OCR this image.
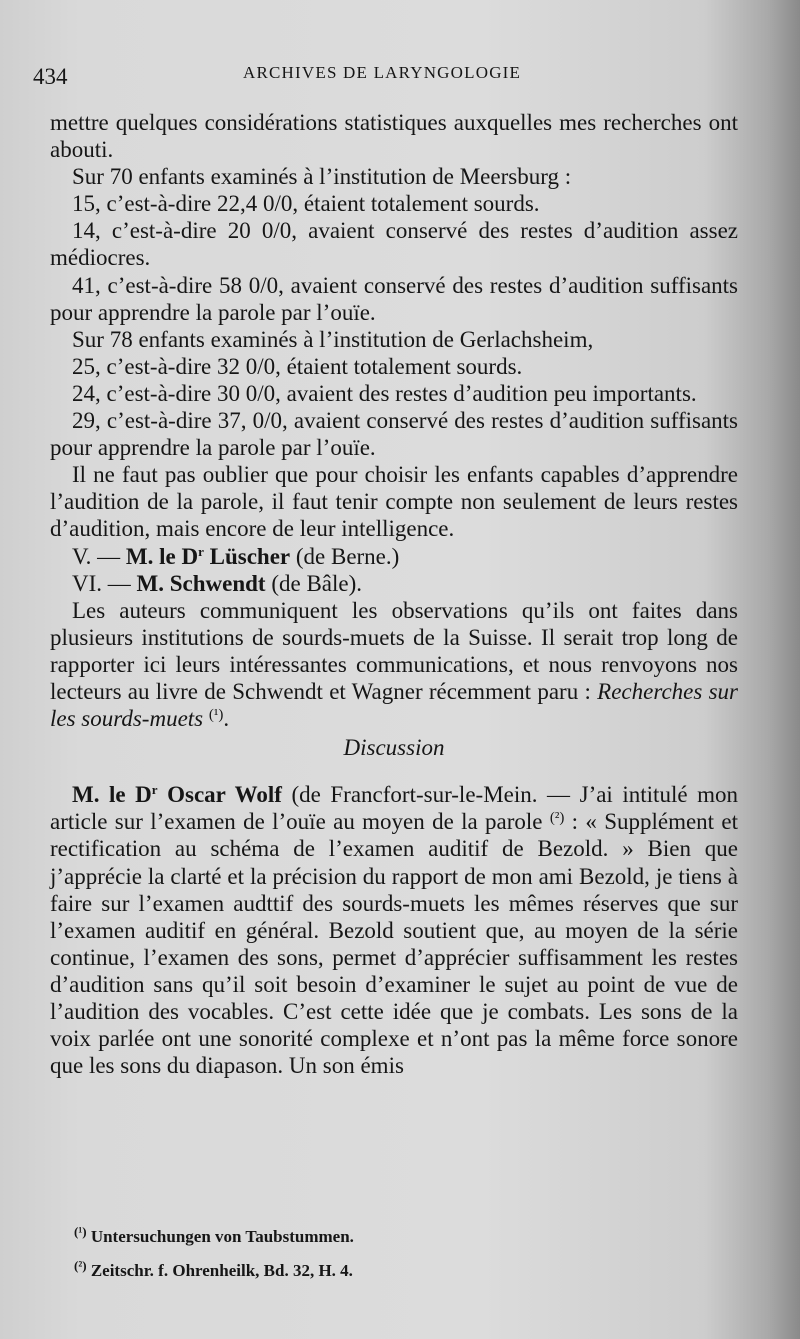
434	ARCHIVES DE LARYNGOLOGIE

mettre quelques considérations statistiques auxquelles mes recherches ont abouti.

Sur 70 enfants examinés à l’institution de Meersburg :

15, c’est-à-dire 22,4 0/0, étaient totalement sourds.

14, c’est-à-dire 20 0/0, avaient conservé des restes d’audition assez médiocres.

41, c’est-à-dire 58 0/0, avaient conservé des restes d’audition suffisants pour apprendre la parole par l’ouïe.

Sur 78 enfants examinés à l’institution de Gerlachsheim,

25, c’est-à-dire 32 0/0, étaient totalement sourds.

24, c’est-à-dire 30 0/0, avaient des restes d’audition peu importants.

29, c’est-à-dire 37, 0/0, avaient conservé des restes d’audition suffisants pour apprendre la parole par l’ouïe.

Il ne faut pas oublier que pour choisir les enfants capables d’apprendre l’audition de la parole, il faut tenir compte non seulement de leurs restes d’audition, mais encore de leur intelligence.

V. — M. le $D^r$ Lüscher (de Berne.)

VI. — M. Schwendt (de Bâle).

Les auteurs communiquent les observations qu’ils ont faites dans plusieurs institutions de sourds-muets de la Suisse. Il serait trop long de rapporter ici leurs intéressantes communications, et nous renvoyons nos lecteurs au livre de Schwendt et Wagner récemment paru : Recherches sur les sourds-muets $^{(^1)}$.

Discussion

M. le $D^r$ Oscar Wolf (de Francfort-sur-le-Mein. — J’ai intitulé mon article sur l’examen de l’ouïe au moyen de la parole $^{(^2)}$ : « Supplément et rectification au schéma de l’examen auditif de Bezold. » Bien que j’apprécie la clarté et la précision du rapport de mon ami Bezold, je tiens à faire sur l’examen audttif des sourds-muets les mêmes réserves que sur l’examen auditif en général. Bezold soutient que, au moyen de la série continue, l’examen des sons, permet d’apprécier suffisamment les restes d’audition sans qu’il soit besoin d’examiner le sujet au point de vue de l’audition des vocables. C’est cette idée que je combats. Les sons de la voix parlée ont une sonorité complexe et n’ont pas la même force sonore que les sons du diapason. Un son émis

$^{(^1)}$ Untersuchungen von Taubstummen.
$^{(^2)}$ Zeitschr. f. Ohrenheilk, Bd. 32, H. 4.
